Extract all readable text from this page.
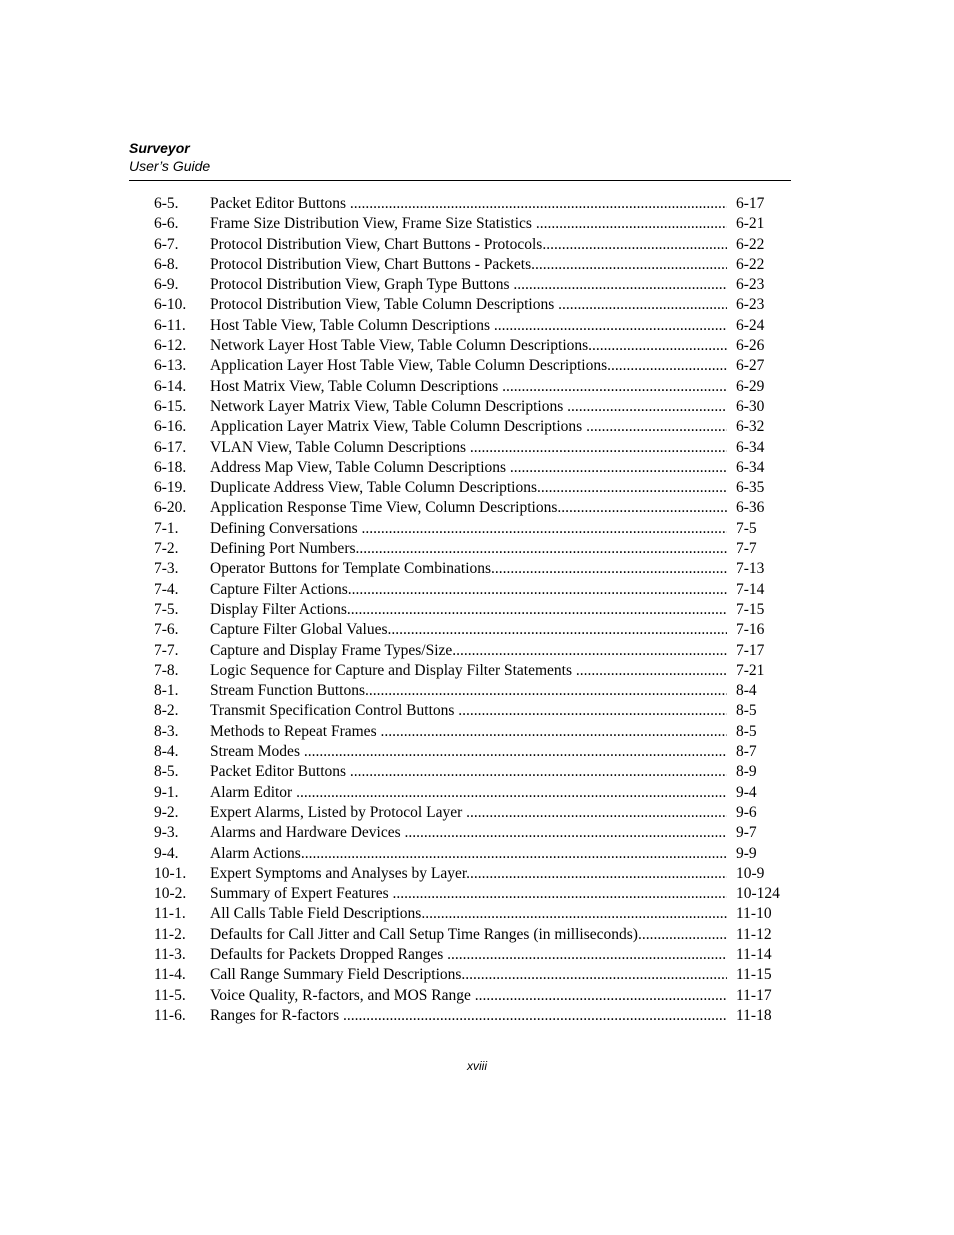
Surveyor
User’s Guide
6-5. Packet Editor Buttons .....	6-17
6-6. Frame Size Distribution View, Frame Size Statistics .....	6-21
6-7. Protocol Distribution View, Chart Buttons - Protocols .....	6-22
6-8. Protocol Distribution View, Chart Buttons - Packets .....	6-22
6-9. Protocol Distribution View, Graph Type Buttons .....	6-23
6-10. Protocol Distribution View, Table Column Descriptions .....	6-23
6-11. Host Table View, Table Column Descriptions .....	6-24
6-12. Network Layer Host Table View, Table Column Descriptions .....	6-26
6-13. Application Layer Host Table View, Table Column Descriptions .....	6-27
6-14. Host Matrix View, Table Column Descriptions .....	6-29
6-15. Network Layer Matrix View, Table Column Descriptions .....	6-30
6-16. Application Layer Matrix View, Table Column Descriptions .....	6-32
6-17. VLAN View, Table Column Descriptions .....	6-34
6-18. Address Map View, Table Column Descriptions .....	6-34
6-19. Duplicate Address View, Table Column Descriptions .....	6-35
6-20. Application Response Time View, Column Descriptions .....	6-36
7-1. Defining Conversations .....	7-5
7-2. Defining Port Numbers .....	7-7
7-3. Operator Buttons for Template Combinations .....	7-13
7-4. Capture Filter Actions .....	7-14
7-5. Display Filter Actions .....	7-15
7-6. Capture Filter Global Values .....	7-16
7-7. Capture and Display Frame Types/Size .....	7-17
7-8. Logic Sequence for Capture and Display Filter Statements .....	7-21
8-1. Stream Function Buttons .....	8-4
8-2. Transmit Specification Control Buttons .....	8-5
8-3. Methods to Repeat Frames .....	8-5
8-4. Stream Modes .....	8-7
8-5. Packet Editor Buttons .....	8-9
9-1. Alarm Editor .....	9-4
9-2. Expert Alarms, Listed by Protocol Layer .....	9-6
9-3. Alarms and Hardware Devices .....	9-7
9-4. Alarm Actions .....	9-9
10-1. Expert Symptoms and Analyses by Layer .....	10-9
10-2. Summary of Expert Features .....	10-124
11-1. All Calls Table Field Descriptions .....	11-10
11-2. Defaults for Call Jitter and Call Setup Time Ranges (in milliseconds) .....	11-12
11-3. Defaults for Packets Dropped Ranges .....	11-14
11-4. Call Range Summary Field Descriptions .....	11-15
11-5. Voice Quality, R-factors, and MOS Range .....	11-17
11-6. Ranges for R-factors .....	11-18
xviii
